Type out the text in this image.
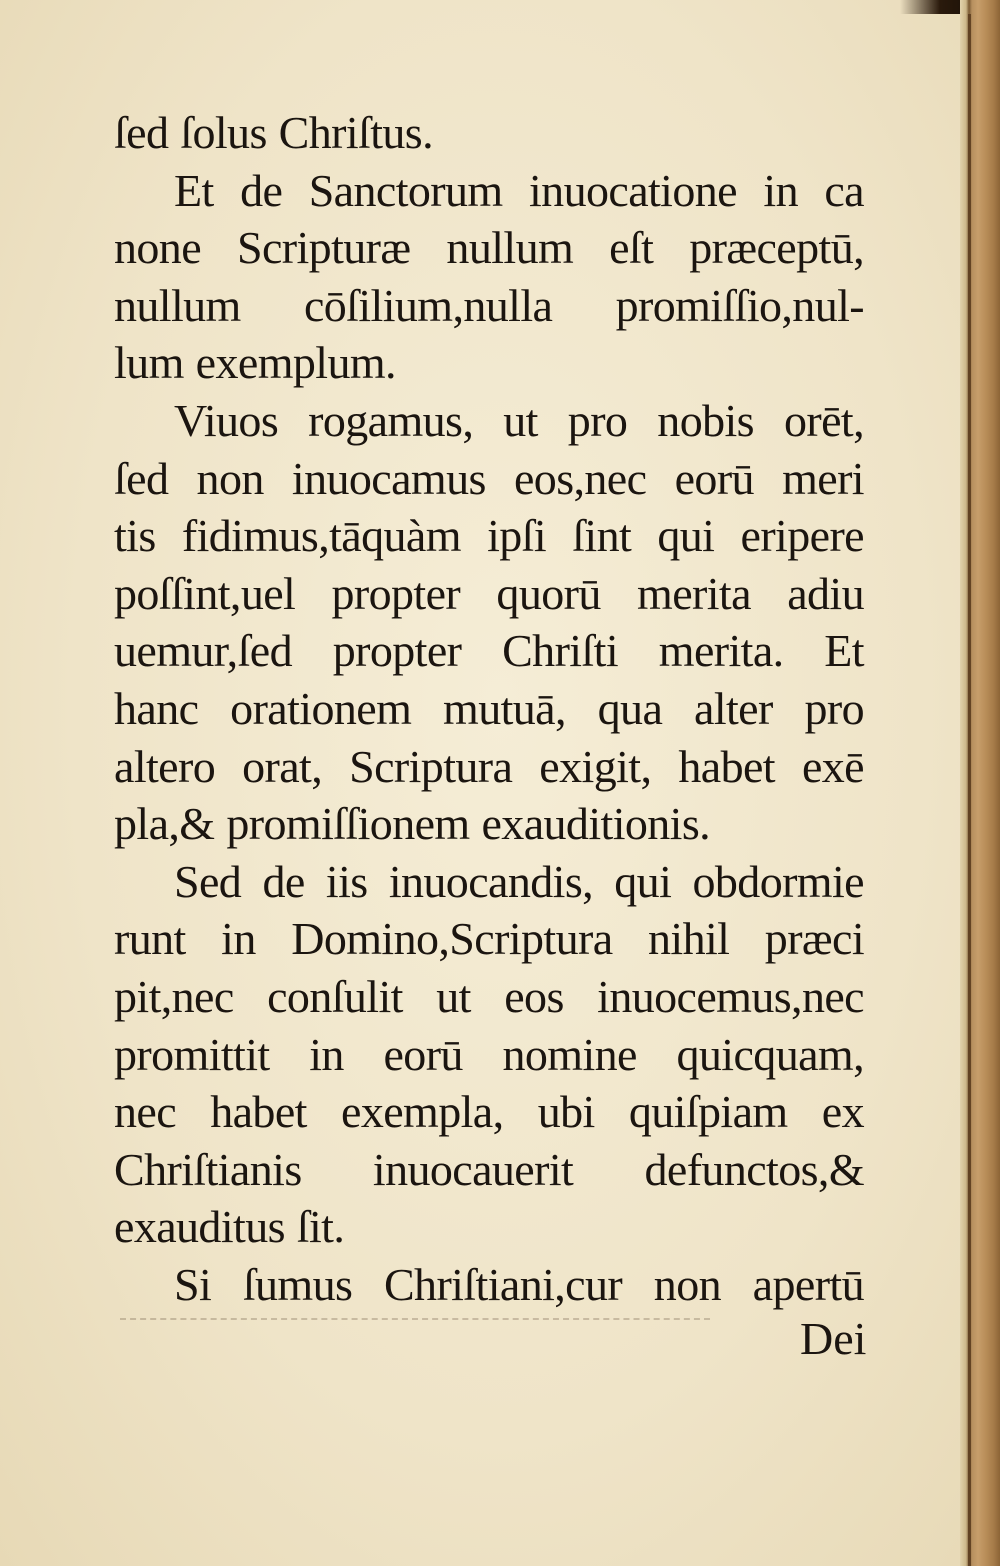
ſed ſolus Chriſtus.
Et de Sanctorum inuocatione in ca
none Scripturæ nullum eſt præceptū,
nullum cōſilium,nulla promiſſio,nul-
lum exemplum.
Viuos rogamus, ut pro nobis orēt,
ſed non inuocamus eos,nec eorū meri
tis fidimus,tāquàm ipſi ſint qui eripere
poſſint,uel propter quorū merita adiu
uemur,ſed propter Chriſti merita. Et
hanc orationem mutuā, qua alter pro
altero orat, Scriptura exigit, habet exē
pla,& promiſſionem exauditionis.
Sed de iis inuocandis, qui obdormie
runt in Domino,Scriptura nihil præci
pit,nec conſulit ut eos inuocemus,nec
promittit in eorū nomine quicquam,
nec habet exempla, ubi quiſpiam ex
Chriſtianis inuocauerit defunctos,&
exauditus ſit.
Si ſumus Chriſtiani,cur non apertū
Dei
